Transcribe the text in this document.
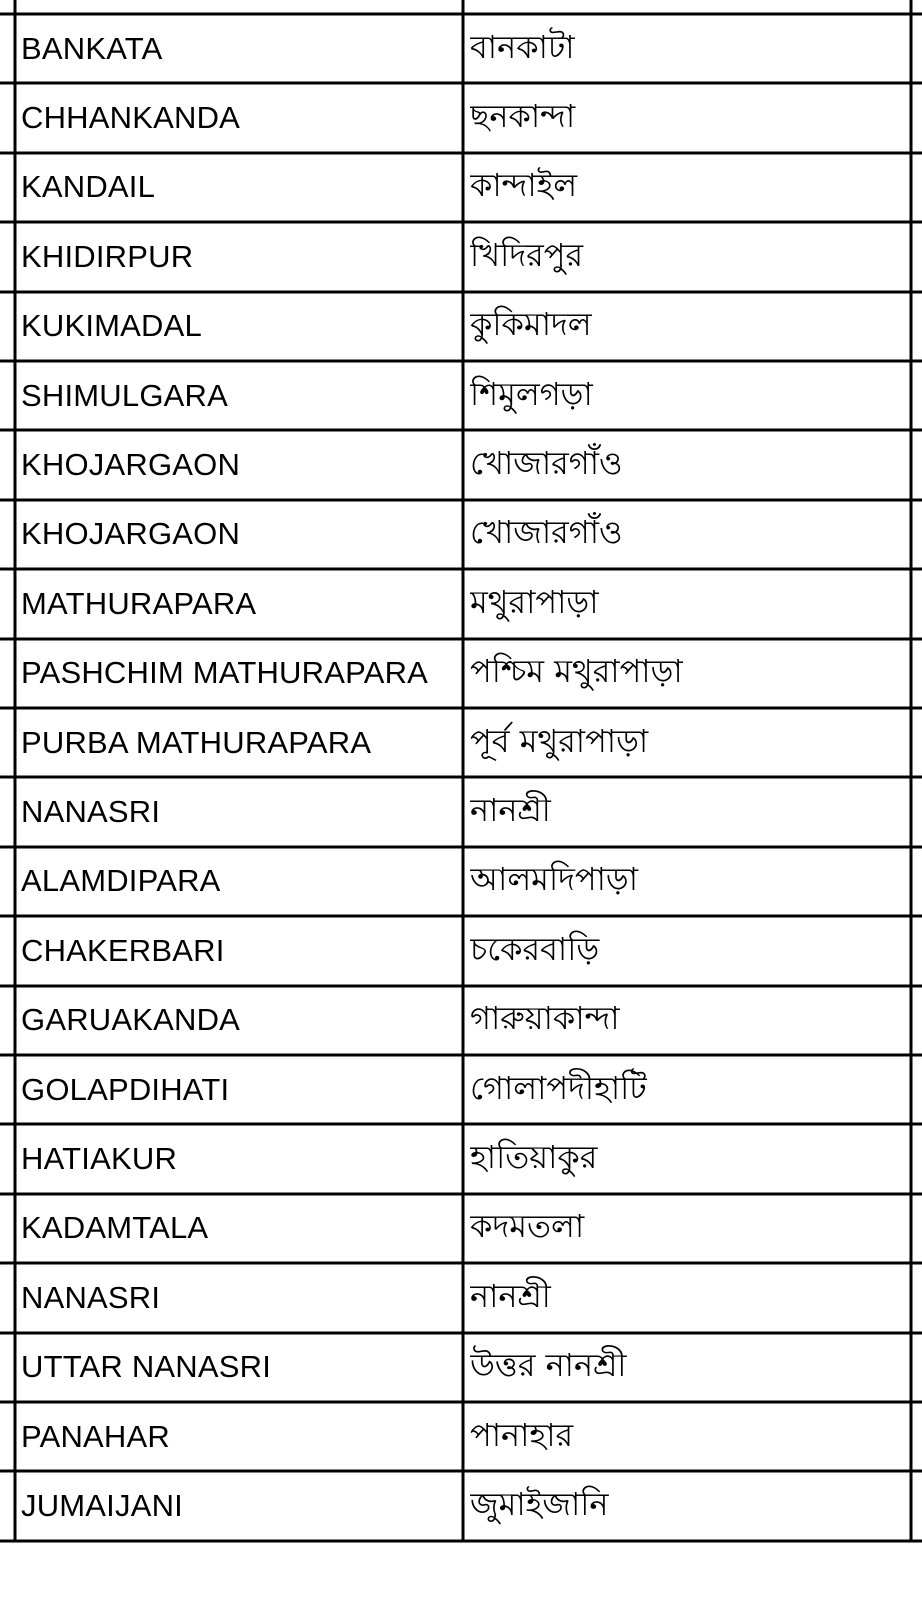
BANKATA	বানকাটা
CHHANKANDA	ছনকান্দা
KANDAIL	কান্দাইল
KHIDIRPUR	খিদিরপুর
KUKIMADAL	কুকিমাদল
SHIMULGARA	শিমুলগড়া
KHOJARGAON	খোজারগাঁও
KHOJARGAON	খোজারগাঁও
MATHURAPARA	মথুরাপাড়া
PASHCHIM MATHURAPARA	পশ্চিম মথুরাপাড়া
PURBA MATHURAPARA	পূর্ব মথুরাপাড়া
NANASRI	নানশ্রী
ALAMDIPARA	আলমদিপাড়া
CHAKERBARI	চকেরবাড়ি
GARUAKANDA	গারুয়াকান্দা
GOLAPDIHATI	গোলাপদীহাটি
HATIAKUR	হাতিয়াকুর
KADAMTALA	কদমতলা
NANASRI	নানশ্রী
UTTAR NANASRI	উত্তর নানশ্রী
PANAHAR	পানাহার
JUMAIJANI	জুমাইজানি
